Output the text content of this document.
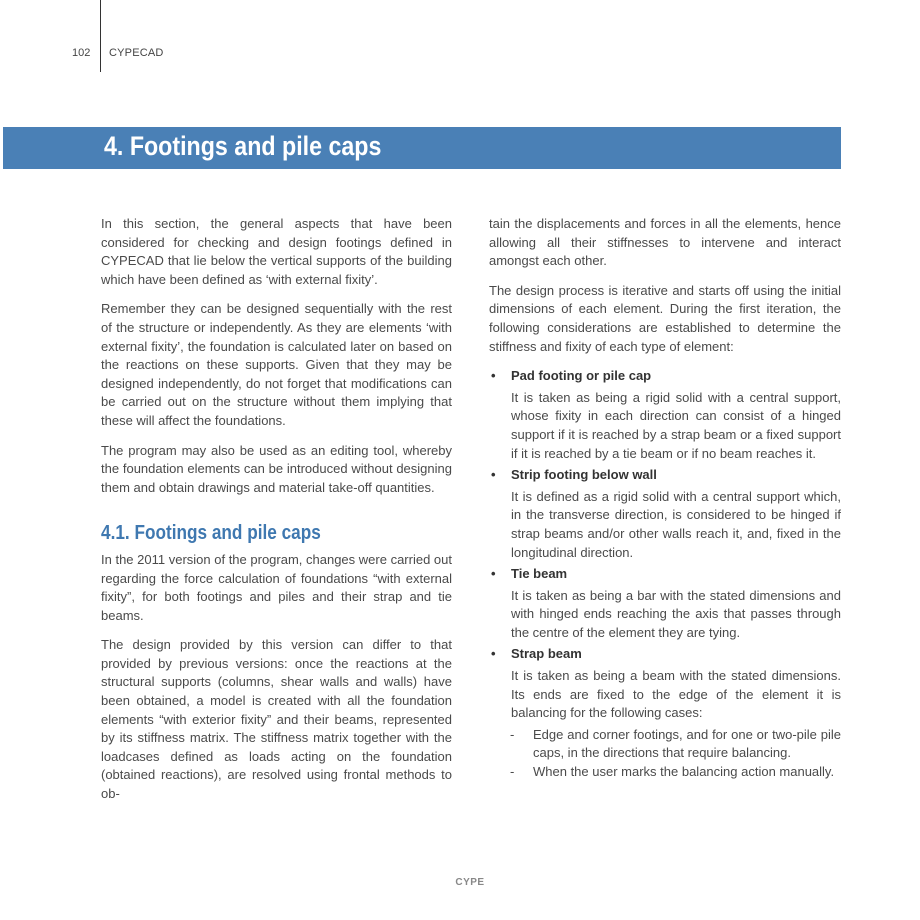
102 CYPECAD
4. Footings and pile caps

In this section, the general aspects that have been considered for checking and design footings defined in CYPECAD that lie below the vertical supports of the building which have been defined as ‘with external fixity’.

Remember they can be designed sequentially with the rest of the structure or independently. As they are elements ‘with external fixity’, the foundation is calculated later on based on the reactions on these supports. Given that they may be designed independently, do not forget that modifications can be carried out on the structure without them implying that these will affect the foundations.

The program may also be used as an editing tool, whereby the foundation elements can be introduced without designing them and obtain drawings and material take-off quantities.

4.1. Footings and pile caps

In the 2011 version of the program, changes were carried out regarding the force calculation of foundations “with external fixity”, for both footings and piles and their strap and tie beams.

The design provided by this version can differ to that provided by previous versions: once the reactions at the structural supports (columns, shear walls and walls) have been obtained, a model is created with all the foundation elements “with exterior fixity” and their beams, represented by its stiffness matrix. The stiffness matrix together with the loadcases defined as loads acting on the foundation (obtained reactions), are resolved using frontal methods to ob-

tain the displacements and forces in all the elements, hence allowing all their stiffnesses to intervene and interact amongst each other.

The design process is iterative and starts off using the initial dimensions of each element. During the first iteration, the following considerations are established to determine the stiffness and fixity of each type of element:

• Pad footing or pile cap

It is taken as being a rigid solid with a central support, whose fixity in each direction can consist of a hinged support if it is reached by a strap beam or a fixed support if it is reached by a tie beam or if no beam reaches it.

• Strip footing below wall

It is defined as a rigid solid with a central support which, in the transverse direction, is considered to be hinged if strap beams and/or other walls reach it, and, fixed in the longitudinal direction.

• Tie beam

It is taken as being a bar with the stated dimensions and with hinged ends reaching the axis that passes through the centre of the element they are tying.

• Strap beam

It is taken as being a beam with the stated dimensions. Its ends are fixed to the edge of the element it is balancing for the following cases:

- Edge and corner footings, and for one or two-pile pile caps, in the directions that require balancing.
- When the user marks the balancing action manually.
CYPE
